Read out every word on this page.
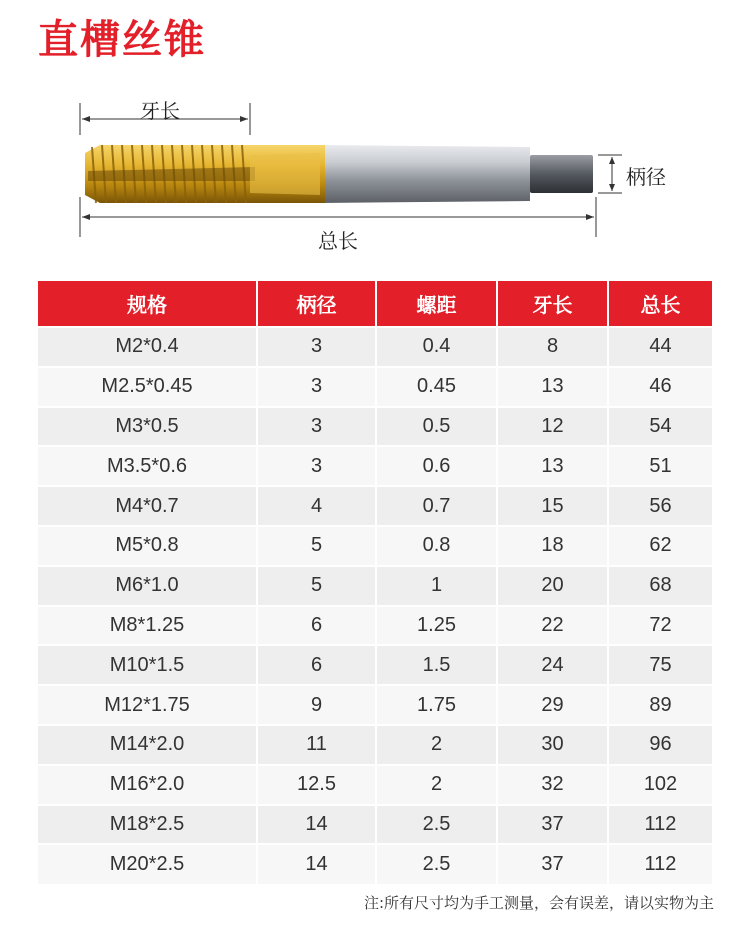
直槽丝锥
牙长
总长
柄径
规格	柄径	螺距	牙长	总长
M2*0.4	3	0.4	8	44
M2.5*0.45	3	0.45	13	46
M3*0.5	3	0.5	12	54
M3.5*0.6	3	0.6	13	51
M4*0.7	4	0.7	15	56
M5*0.8	5	0.8	18	62
M6*1.0	5	1	20	68
M8*1.25	6	1.25	22	72
M10*1.5	6	1.5	24	75
M12*1.75	9	1.75	29	89
M14*2.0	11	2	30	96
M16*2.0	12.5	2	32	102
M18*2.5	14	2.5	37	112
M20*2.5	14	2.5	37	112
注:所有尺寸均为手工测量，会有误差，请以实物为主
